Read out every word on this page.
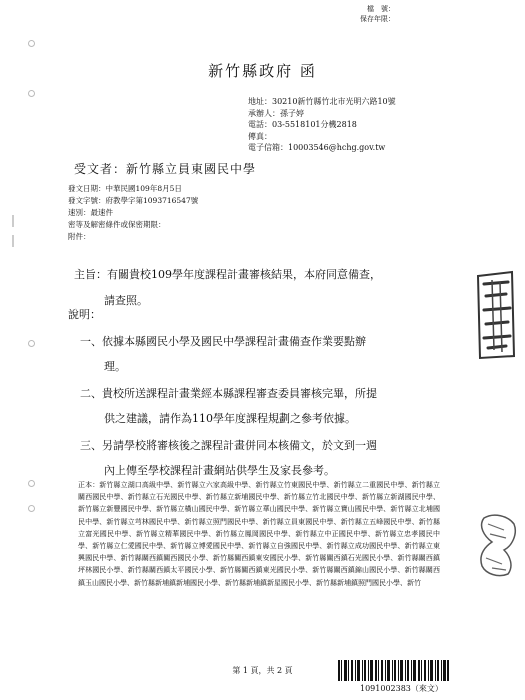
檔　號：
保存年限：
新竹縣政府 函
地址：30210新竹縣竹北市光明六路10號
承辦人：孫子婷
電話：03-5518101分機2818
傳真：
電子信箱：10003546@hchg.gov.tw
受文者：新竹縣立員東國民中學
發文日期：中華民國109年8月5日
發文字號：府教學字第1093716547號
速別：最速件
密等及解密條件或保密期限：
附件：
主旨：有關貴校109學年度課程計畫審核結果，本府同意備查，
請查照。
說明：
一、依據本縣國民小學及國民中學課程計畫備查作業要點辦
理。
二、貴校所送課程計畫業經本縣課程審查委員審核完畢，所提
供之建議，請作為110學年度課程規劃之參考依據。
三、另請學校將審核後之課程計畫併同本核備文，於文到一週
內上傳至學校課程計畫網站供學生及家長參考。
正本：新竹縣立湖口高級中學、新竹縣立六家高級中學、新竹縣立竹東國民中學、新竹縣立二重國民中學、新竹縣立關西國民中學、新竹縣立石光國民中學、新竹縣立新埔國民中學、新竹縣立竹北國民中學、新竹縣立新湖國民中學、新竹縣立新豐國民中學、新竹縣立橫山國民中學、新竹縣立華山國民中學、新竹縣立寶山國民中學、新竹縣立北埔國民中學、新竹縣立芎林國民中學、新竹縣立照門國民中學、新竹縣立員東國民中學、新竹縣立五峰國民中學、新竹縣立富光國民中學、新竹縣立精華國民中學、新竹縣立鳳岡國民中學、新竹縣立中正國民中學、新竹縣立忠孝國民中學、新竹縣立仁愛國民中學、新竹縣立博愛國民中學、新竹縣立自強國民中學、新竹縣立成功國民中學、新竹縣立東興國民中學、新竹縣關西鎮關西國民小學、新竹縣關西鎮東安國民小學、新竹縣關西鎮石光國民小學、新竹縣關西鎮坪林國民小學、新竹縣關西鎮太平國民小學、新竹縣關西鎮東光國民小學、新竹縣關西鎮錦山國民小學、新竹縣關西鎮玉山國民小學、新竹縣新埔鎮新埔國民小學、新竹縣新埔鎮新星國民小學、新竹縣新埔鎮照門國民小學、新竹
第 1 頁，共 2 頁
1091002383（來文）
